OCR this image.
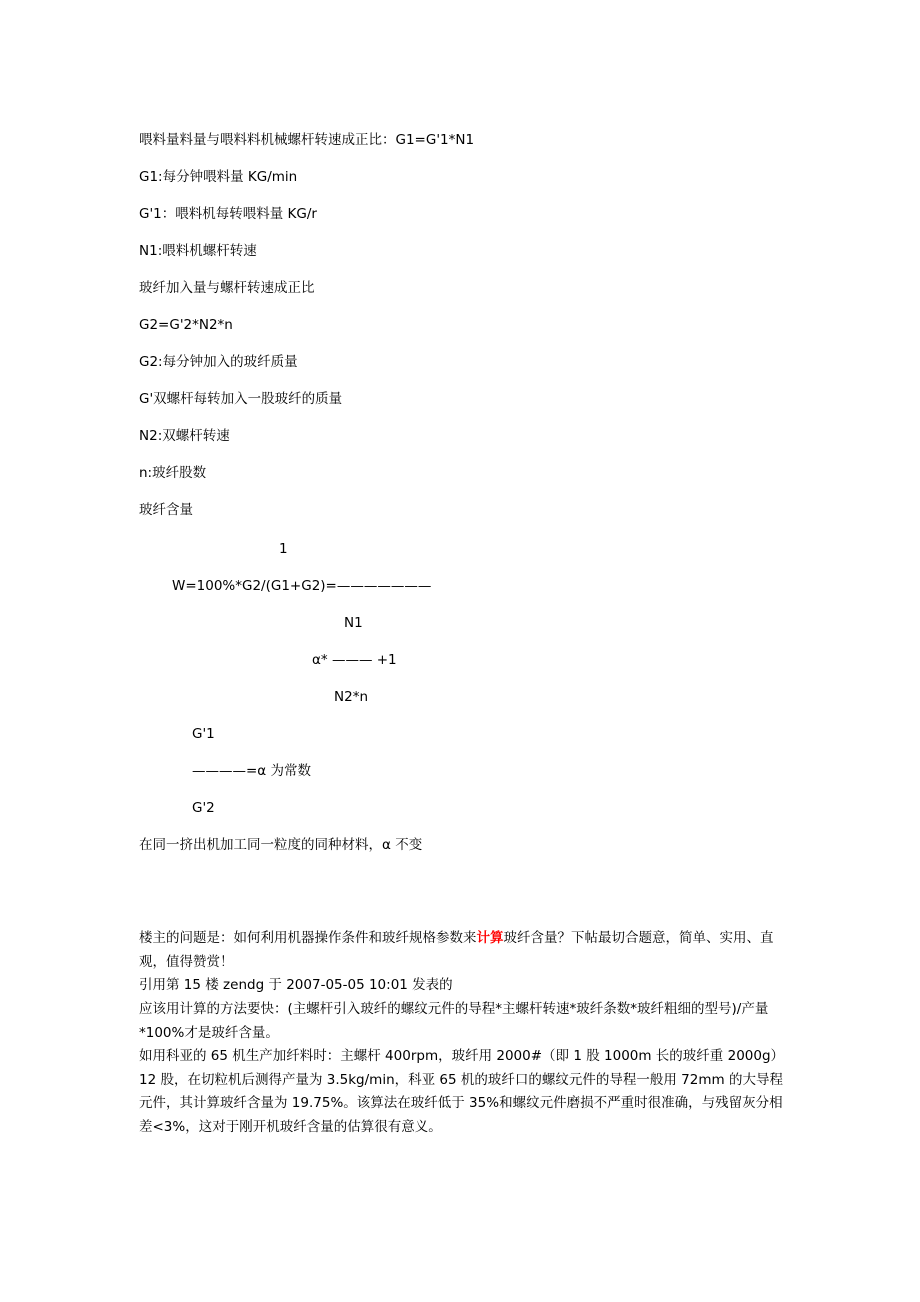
喂料量料量与喂料料机械螺杆转速成正比：G1=G'1*N1
G1:每分钟喂料量 KG/min
G'1：喂料机每转喂料量 KG/r
N1:喂料机螺杆转速
玻纤加入量与螺杆转速成正比
G2=G'2*N2*n
G2:每分钟加入的玻纤质量
G'双螺杆每转加入一股玻纤的质量
N2:双螺杆转速
n:玻纤股数
玻纤含量
1
W=100%*G2/(G1+G2)=———————
N1
α* ——— +1
N2*n
G'1
————=α 为常数
G'2
在同一挤出机加工同一粒度的同种材料，α 不变
楼主的问题是：如何利用机器操作条件和玻纤规格参数来计算玻纤含量？下帖最切合题意，简单、实用、直观，值得赞赏！
引用第 15 楼 zendg 于 2007-05-05 10:01 发表的
应该用计算的方法要快：(主螺杆引入玻纤的螺纹元件的导程*主螺杆转速*玻纤条数*玻纤粗细的型号)/产量*100%才是玻纤含量。
如用科亚的 65 机生产加纤料时：主螺杆 400rpm，玻纤用 2000#（即 1 股 1000m 长的玻纤重 2000g）12 股，在切粒机后测得产量为 3.5kg/min，科亚 65 机的玻纤口的螺纹元件的导程一般用 72mm 的大导程元件，其计算玻纤含量为 19.75%。该算法在玻纤低于 35%和螺纹元件磨损不严重时很准确，与残留灰分相差<3%，这对于刚开机玻纤含量的估算很有意义。
